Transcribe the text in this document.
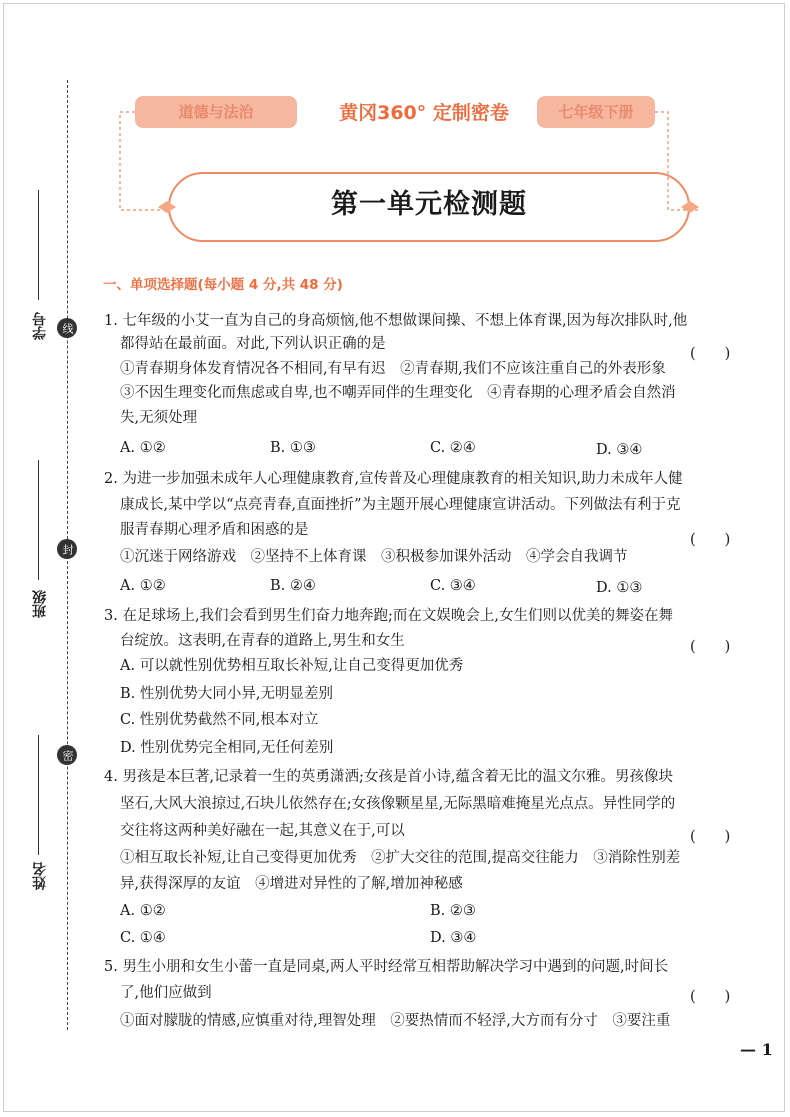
学号
班级
姓名
线
封
密
道德与法治	黄冈360° 定制密卷	七年级下册
第一单元检测题
一、单项选择题(每小题 4 分,共 48 分)
1. 七年级的小艾一直为自己的身高烦恼,他不想做课间操、不想上体育课,因为每次排队时,他
都得站在最前面。对此,下列认识正确的是
(　　)
①青春期身体发育情况各不相同,有早有迟　②青春期,我们不应该注重自己的外表形象
③不因生理变化而焦虑或自卑,也不嘲弄同伴的生理变化　④青春期的心理矛盾会自然消
失,无须处理
A. ①②	B. ①③	C. ②④	D. ③④
2. 为进一步加强未成年人心理健康教育,宣传普及心理健康教育的相关知识,助力未成年人健
康成长,某中学以“点亮青春,直面挫折”为主题开展心理健康宣讲活动。下列做法有利于克
服青春期心理矛盾和困惑的是
(　　)
①沉迷于网络游戏　②坚持不上体育课　③积极参加课外活动　④学会自我调节
A. ①②	B. ②④	C. ③④	D. ①③
3. 在足球场上,我们会看到男生们奋力地奔跑;而在文娱晚会上,女生们则以优美的舞姿在舞
台绽放。这表明,在青春的道路上,男生和女生	(　　)
A. 可以就性别优势相互取长补短,让自己变得更加优秀
B. 性别优势大同小异,无明显差别
C. 性别优势截然不同,根本对立
D. 性别优势完全相同,无任何差别
4. 男孩是本巨著,记录着一生的英勇潇洒;女孩是首小诗,蕴含着无比的温文尔雅。男孩像块
坚石,大风大浪掠过,石块儿依然存在;女孩像颗星星,无际黑暗难掩星光点点。异性同学的
交往将这两种美好融在一起,其意义在于,可以	(　　)
①相互取长补短,让自己变得更加优秀　②扩大交往的范围,提高交往能力　③消除性别差
异,获得深厚的友谊　④增进对异性的了解,增加神秘感
A. ①②	B. ②③
C. ①④	D. ③④
5. 男生小朋和女生小蕾一直是同桌,两人平时经常互相帮助解决学习中遇到的问题,时间长
了,他们应做到	(　　)
①面对朦胧的情感,应慎重对待,理智处理　②要热情而不轻浮,大方而有分寸　③要注重
— 1
